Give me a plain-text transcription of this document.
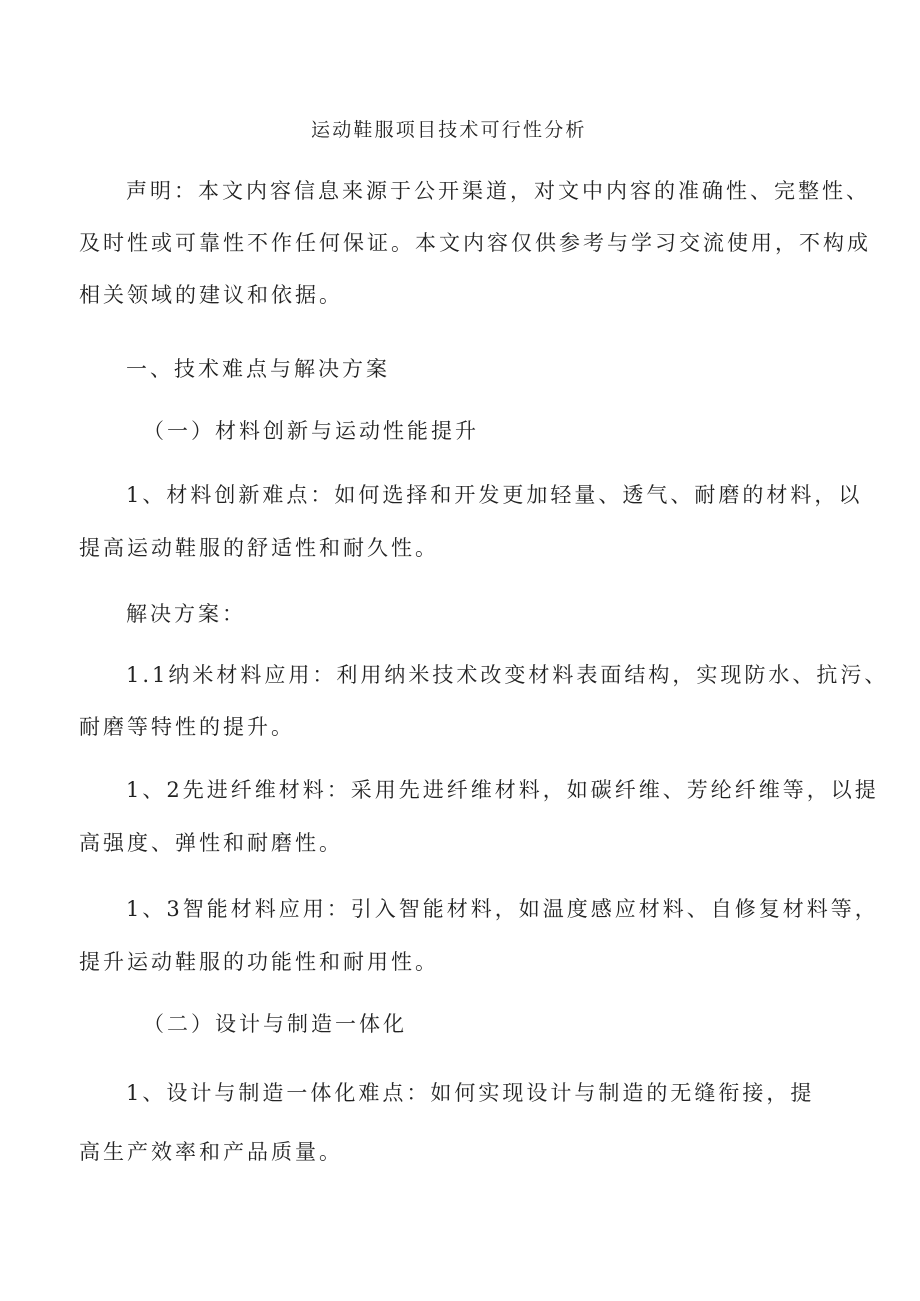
运动鞋服项目技术可行性分析
声明：本文内容信息来源于公开渠道，对文中内容的准确性、完整性、
及时性或可靠性不作任何保证。本文内容仅供参考与学习交流使用，不构成
相关领域的建议和依据。
一、技术难点与解决方案
（一）材料创新与运动性能提升
1、材料创新难点：如何选择和开发更加轻量、透气、耐磨的材料，以
提高运动鞋服的舒适性和耐久性。
解决方案：
1.1纳米材料应用：利用纳米技术改变材料表面结构，实现防水、抗污、
耐磨等特性的提升。
1、2先进纤维材料：采用先进纤维材料，如碳纤维、芳纶纤维等，以提
高强度、弹性和耐磨性。
1、3智能材料应用：引入智能材料，如温度感应材料、自修复材料等，
提升运动鞋服的功能性和耐用性。
（二）设计与制造一体化
1、设计与制造一体化难点：如何实现设计与制造的无缝衔接，提
高生产效率和产品质量。
